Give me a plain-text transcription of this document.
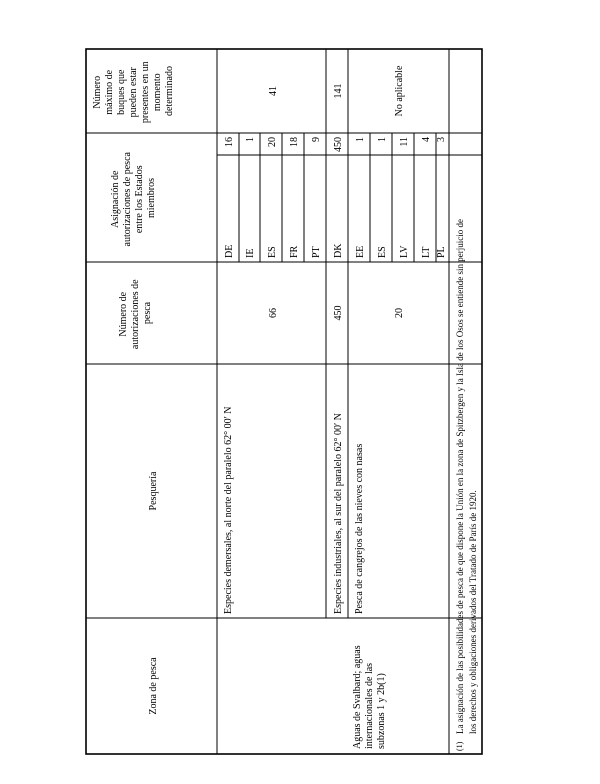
Zona de pesca
Pesquería
Número de autorizaciones de pesca
Asignación de autorizaciones de pesca entre los Estados miembros
Número máximo de buques que pueden estar presentes en un momento determinado
Aguas de Svalbard; aguas internacionales de las subzonas 1 y 2b(1)
Especies demersales, al norte del paralelo 62° 00′ N
66
41
DE
16
IE
1
ES
20
FR
18
PT
9
Especies industriales, al sur del paralelo 62° 00′ N
450
141
DK
450
Pesca de cangrejos de las nieves con nasas
20
No aplicable
EE
1
ES
1
LV
11
LT
4
PL
3
(1)
La asignación de las posibilidades de pesca de que dispone la Unión en la zona de Spitzbergen y la Isla de los Osos se entiende sin perjuicio de los derechos y obligaciones derivados del Tratado de París de 1920.
